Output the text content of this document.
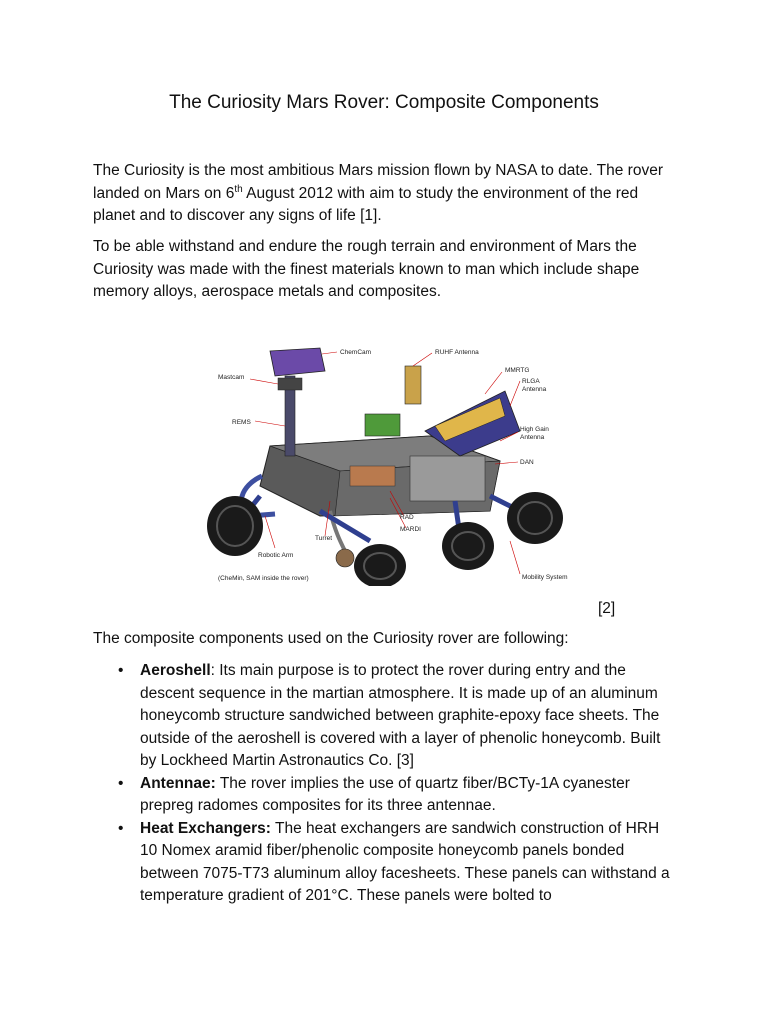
The Curiosity Mars Rover: Composite Components

The Curiosity is the most ambitious Mars mission flown by NASA to date. The rover landed on Mars on 6th August 2012 with aim to study the environment of the red planet and to discover any signs of life [1].

To be able withstand and endure the rough terrain and environment of Mars the Curiosity was made with the finest materials known to man which include shape memory alloys, aerospace metals and composites.

ChemCam
Mastcam
REMS
RUHF Antenna
MMRTG
RLGA
Antenna
High Gain
Antenna
DAN
RAD
MARDI
Turret
Robotic Arm
(CheMin, SAM inside the rover)	Mobility System
[2]

The composite components used on the Curiosity rover are following:

• Aeroshell: Its main purpose is to protect the rover during entry and the descent sequence in the martian atmosphere. It is made up of an aluminum honeycomb structure sandwiched between graphite-epoxy face sheets. The outside of the aeroshell is covered with a layer of phenolic honeycomb. Built by Lockheed Martin Astronautics Co. [3]
• Antennae: The rover implies the use of quartz fiber/BCTy-1A cyanester prepreg radomes composites for its three antennae.
• Heat Exchangers: The heat exchangers are sandwich construction of HRH 10 Nomex aramid fiber/phenolic composite honeycomb panels bonded between 7075-T73 aluminum alloy facesheets. These panels can withstand a temperature gradient of 201°C. These panels were bolted to
